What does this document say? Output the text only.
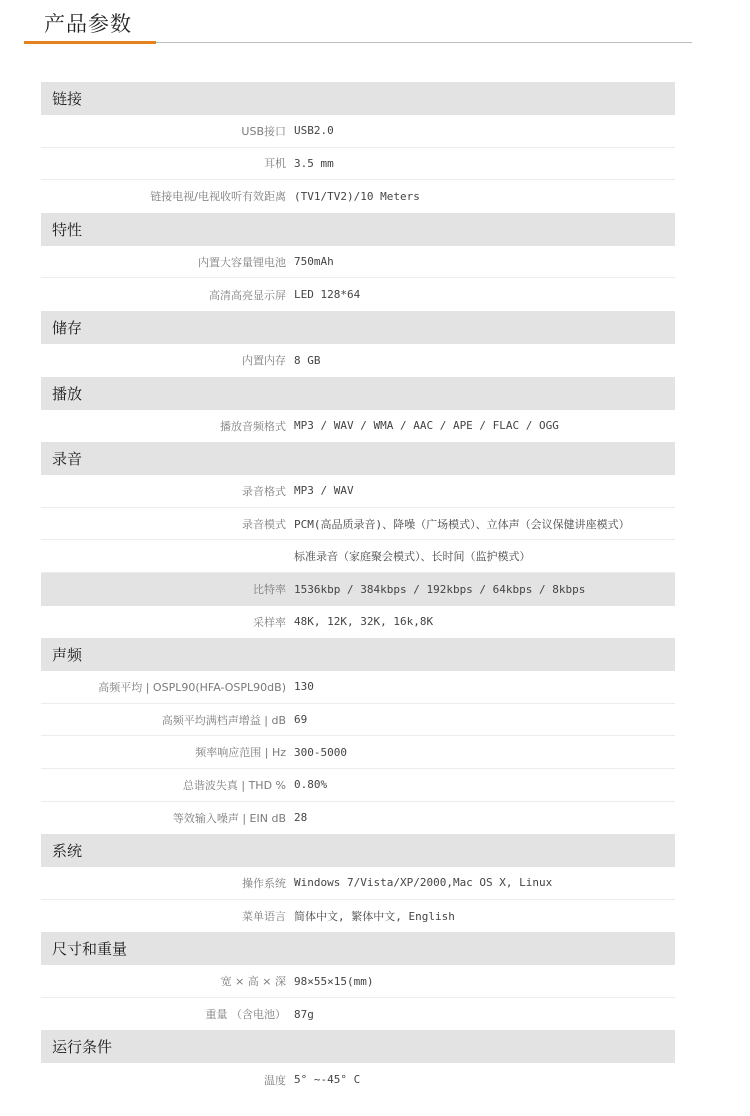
产品参数
链接
USB接口 USB2.0
耳机 3.5 mm
链接电视/电视收听有效距离 (TV1/TV2)/10 Meters
特性
内置大容量锂电池 750mAh
高清高亮显示屏 LED 128*64
储存
内置内存 8 GB
播放
播放音频格式 MP3 / WAV / WMA / AAC / APE / FLAC / OGG
录音
录音格式 MP3 / WAV
录音模式 PCM(高品质录音)、降噪（广场模式）、立体声（会议保健讲座模式）
标准录音（家庭聚会模式）、长时间（监护模式）
比特率 1536kbp / 384kbps / 192kbps / 64kbps / 8kbps
采样率 48K, 12K, 32K, 16k,8K
声频
高频平均 | OSPL90(HFA-OSPL90dB) 130
高频平均满档声增益 | dB 69
频率响应范围 | Hz 300-5000
总谐波失真 | THD % 0.80%
等效输入噪声 | EIN dB 28
系统
操作系统 Windows 7/Vista/XP/2000,Mac OS X, Linux
菜单语言 简体中文, 繁体中文, English
尺寸和重量
宽 × 高 × 深 98×55×15(mm)
重量 （含电池） 87g
运行条件
温度 5° ~-45° C
